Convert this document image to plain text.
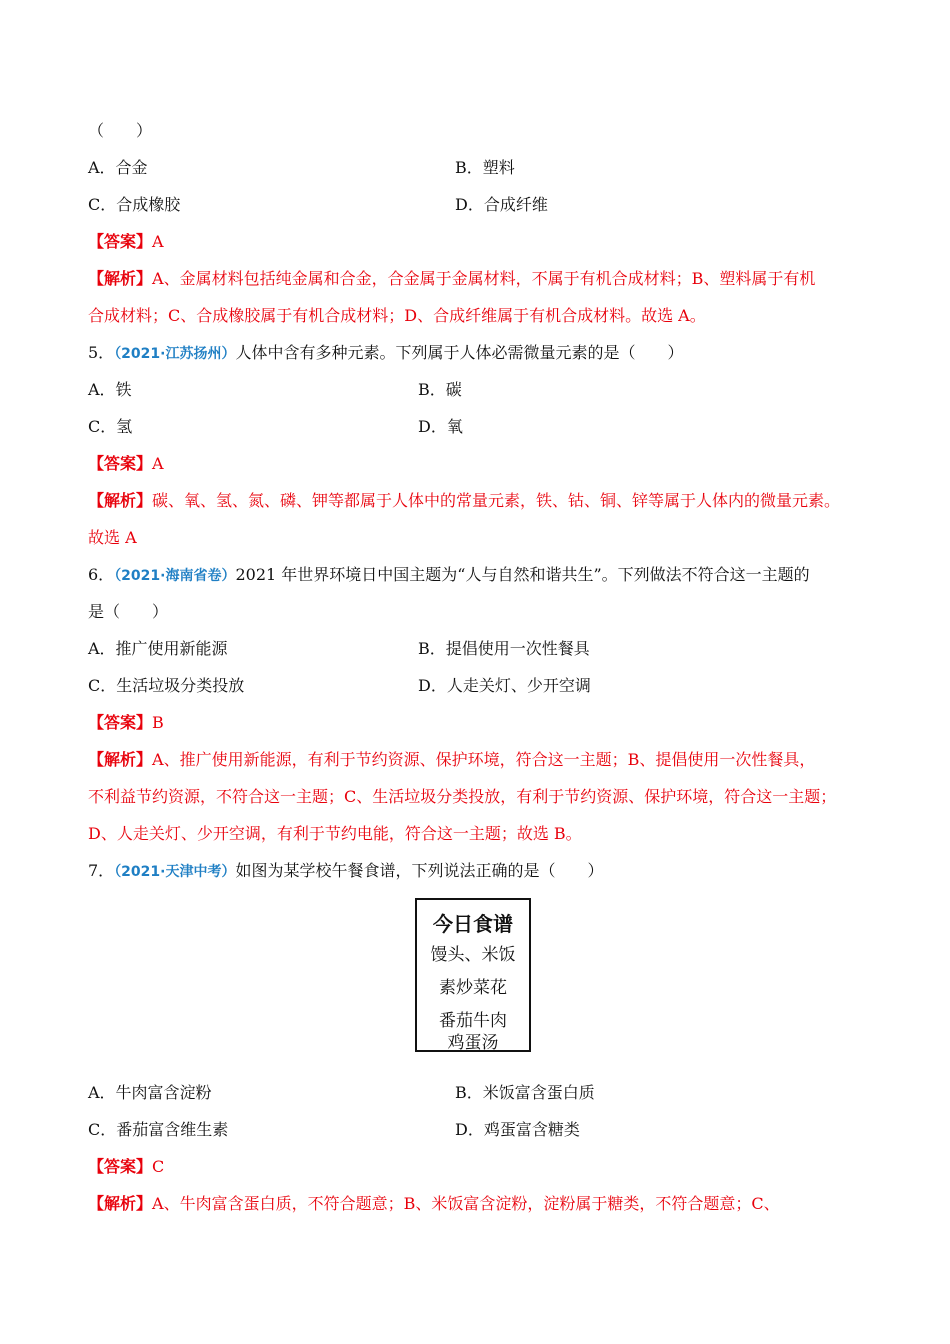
（　　）
A．合金	B．塑料
C．合成橡胶	D．合成纤维
【答案】A
【解析】A、金属材料包括纯金属和合金，合金属于金属材料，不属于有机合成材料；B、塑料属于有机
合成材料；C、合成橡胶属于有机合成材料；D、合成纤维属于有机合成材料。故选 A。
5．（2021·江苏扬州）人体中含有多种元素。下列属于人体必需微量元素的是（　　）
A．铁	B．碳
C．氢	D．氧
【答案】A
【解析】碳、氧、氢、氮、磷、钾等都属于人体中的常量元素，铁、钴、铜、锌等属于人体内的微量元素。
故选 A
6．（2021·海南省卷）2021 年世界环境日中国主题为“人与自然和谐共生”。下列做法不符合这一主题的
是（　　）
A．推广使用新能源	B．提倡使用一次性餐具
C．生活垃圾分类投放	D．人走关灯、少开空调
【答案】B
【解析】A、推广使用新能源，有利于节约资源、保护环境，符合这一主题；B、提倡使用一次性餐具，
不利益节约资源，不符合这一主题；C、生活垃圾分类投放，有利于节约资源、保护环境，符合这一主题；
D、人走关灯、少开空调，有利于节约电能，符合这一主题；故选 B。
7．（2021·天津中考）如图为某学校午餐食谱，下列说法正确的是（　　）
今日食谱
馒头、米饭
素炒菜花
番茄牛肉
鸡蛋汤
A．牛肉富含淀粉	B．米饭富含蛋白质
C．番茄富含维生素	D．鸡蛋富含糖类
【答案】C
【解析】A、牛肉富含蛋白质，不符合题意；B、米饭富含淀粉，淀粉属于糖类，不符合题意；C、
